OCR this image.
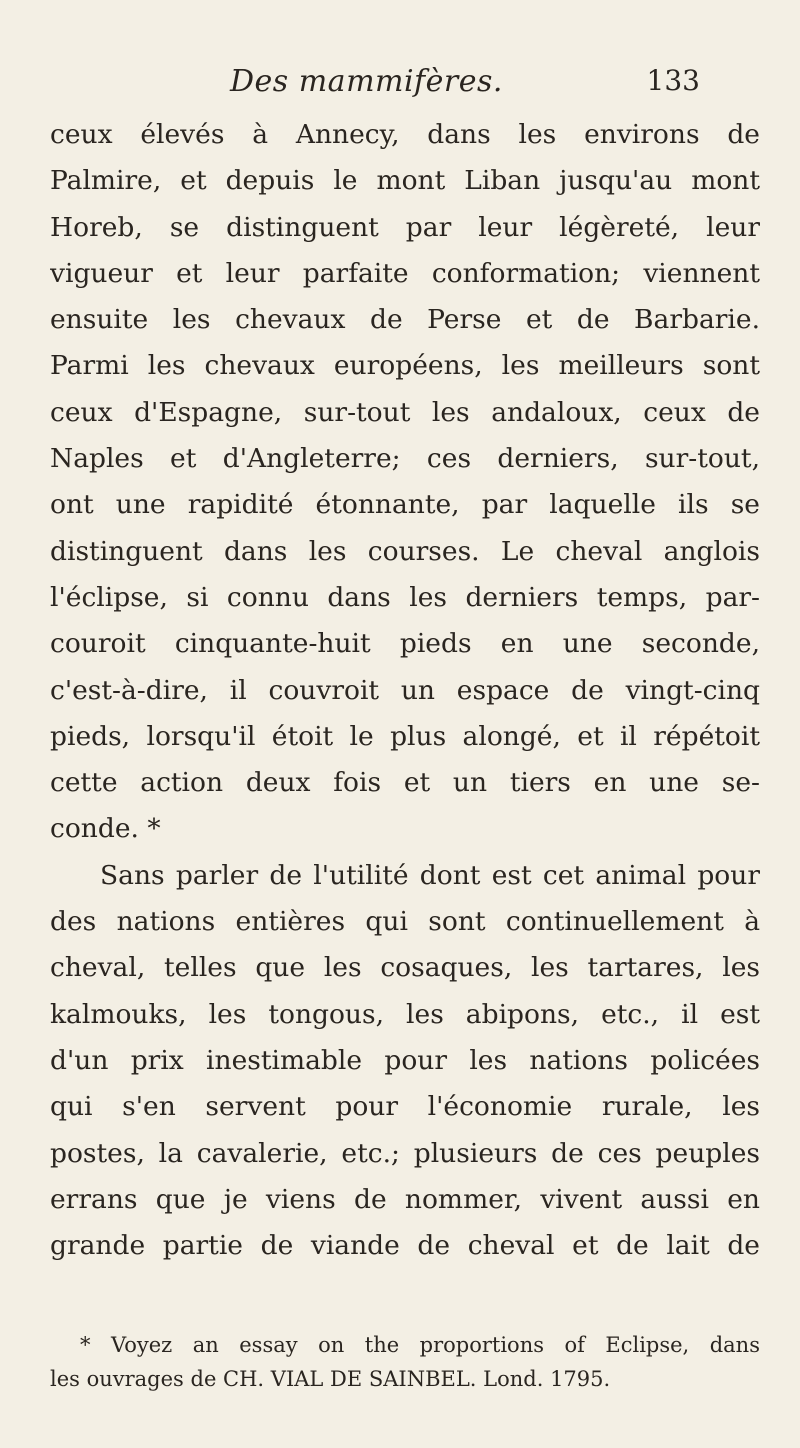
Des mammifères.	133
ceux élevés à Annecy, dans les environs de
Palmire, et depuis le mont Liban jusqu'au mont
Horeb, se distinguent par leur légèreté, leur
vigueur et leur parfaite conformation; viennent
ensuite les chevaux de Perse et de Barbarie.
Parmi les chevaux européens, les meilleurs sont
ceux d'Espagne, sur-tout les andaloux, ceux de
Naples et d'Angleterre; ces derniers, sur-tout,
ont une rapidité étonnante, par laquelle ils se
distinguent dans les courses. Le cheval anglois
l'éclipse, si connu dans les derniers temps, par-
couroit cinquante-huit pieds en une seconde,
c'est-à-dire, il couvroit un espace de vingt-cinq
pieds, lorsqu'il étoit le plus alongé, et il répétoit
cette action deux fois et un tiers en une se-
conde. *
Sans parler de l'utilité dont est cet animal pour
des nations entières qui sont continuellement à
cheval, telles que les cosaques, les tartares, les
kalmouks, les tongous, les abipons, etc., il est
d'un prix inestimable pour les nations policées
qui s'en servent pour l'économie rurale, les
postes, la cavalerie, etc.; plusieurs de ces peuples
errans que je viens de nommer, vivent aussi en
grande partie de viande de cheval et de lait de
* Voyez an essay on the proportions of Eclipse, dans
les ouvrages de CH. VIAL DE SAINBEL. Lond. 1795.
